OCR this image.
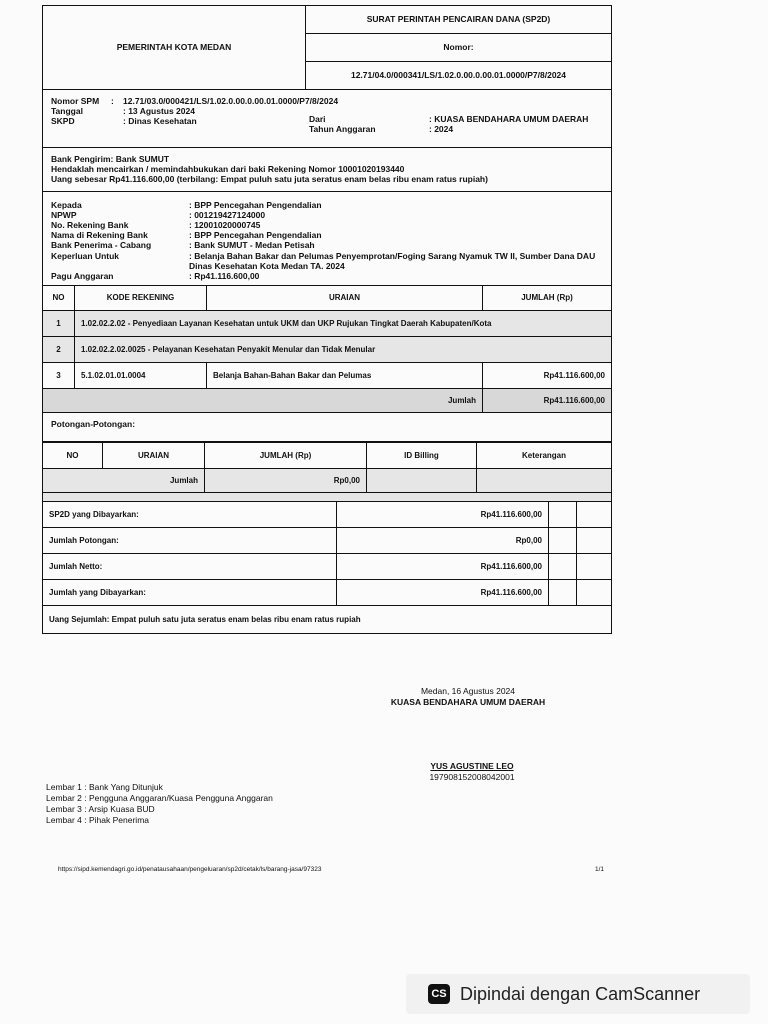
PEMERINTAH KOTA MEDAN
SURAT PERINTAH PENCAIRAN DANA (SP2D)
Nomor:
12.71/04.0/000341/LS/1.02.0.00.0.00.01.0000/P7/8/2024
Nomor SPM	:	12.71/03.0/000421/LS/1.02.0.00.0.00.01.0000/P7/8/2024
Tanggal	: 13 Agustus 2024
SKPD	: Dinas Kesehatan	Dari	: KUASA BENDAHARA UMUM DAERAH
Tahun Anggaran	: 2024
Bank Pengirim: Bank SUMUT
Hendaklah mencairkan / memindahbukukan dari baki Rekening Nomor 10001020193440
Uang sebesar Rp41.116.600,00 (terbilang: Empat puluh satu juta seratus enam belas ribu enam ratus rupiah)
Kepada	: BPP Pencegahan Pengendalian
NPWP	: 001219427124000
No. Rekening Bank	: 12001020000745
Nama di Rekening Bank	: BPP Pencegahan Pengendalian
Bank Penerima - Cabang	: Bank SUMUT - Medan Petisah
Keperluan Untuk	: Belanja Bahan Bakar dan Pelumas Penyemprotan/Foging Sarang Nyamuk TW II, Sumber Dana DAU Dinas Kesehatan Kota Medan TA. 2024
Pagu Anggaran	: Rp41.116.600,00
NO	KODE REKENING	URAIAN	JUMLAH (Rp)
1	1.02.02.2.02 - Penyediaan Layanan Kesehatan untuk UKM dan UKP Rujukan Tingkat Daerah Kabupaten/Kota		
2	1.02.02.2.02.0025 - Pelayanan Kesehatan Penyakit Menular dan Tidak Menular		
3	5.1.02.01.01.0004	Belanja Bahan-Bahan Bakar dan Pelumas	Rp41.116.600,00
Jumlah			Rp41.116.600,00
Potongan-Potongan:
NO	URAIAN	JUMLAH (Rp)	ID Billing	Keterangan
Jumlah		Rp0,00		
SP2D yang Dibayarkan:	Rp41.116.600,00		
Jumlah Potongan:	Rp0,00		
Jumlah Netto:	Rp41.116.600,00		
Jumlah yang Dibayarkan:	Rp41.116.600,00		
Uang Sejumlah: Empat puluh satu juta seratus enam belas ribu enam ratus rupiah			
Medan, 16 Agustus 2024
KUASA BENDAHARA UMUM DAERAH
YUS AGUSTINE LEO
197908152008042001
Lembar 1 : Bank Yang Ditunjuk
Lembar 2 : Pengguna Anggaran/Kuasa Pengguna Anggaran
Lembar 3 : Arsip Kuasa BUD
Lembar 4 : Pihak Penerima
https://sipd.kemendagri.go.id/penatausahaan/pengeluaran/sp2d/cetak/ls/barang-jasa/97323	1/1
CS Dipindai dengan CamScanner
